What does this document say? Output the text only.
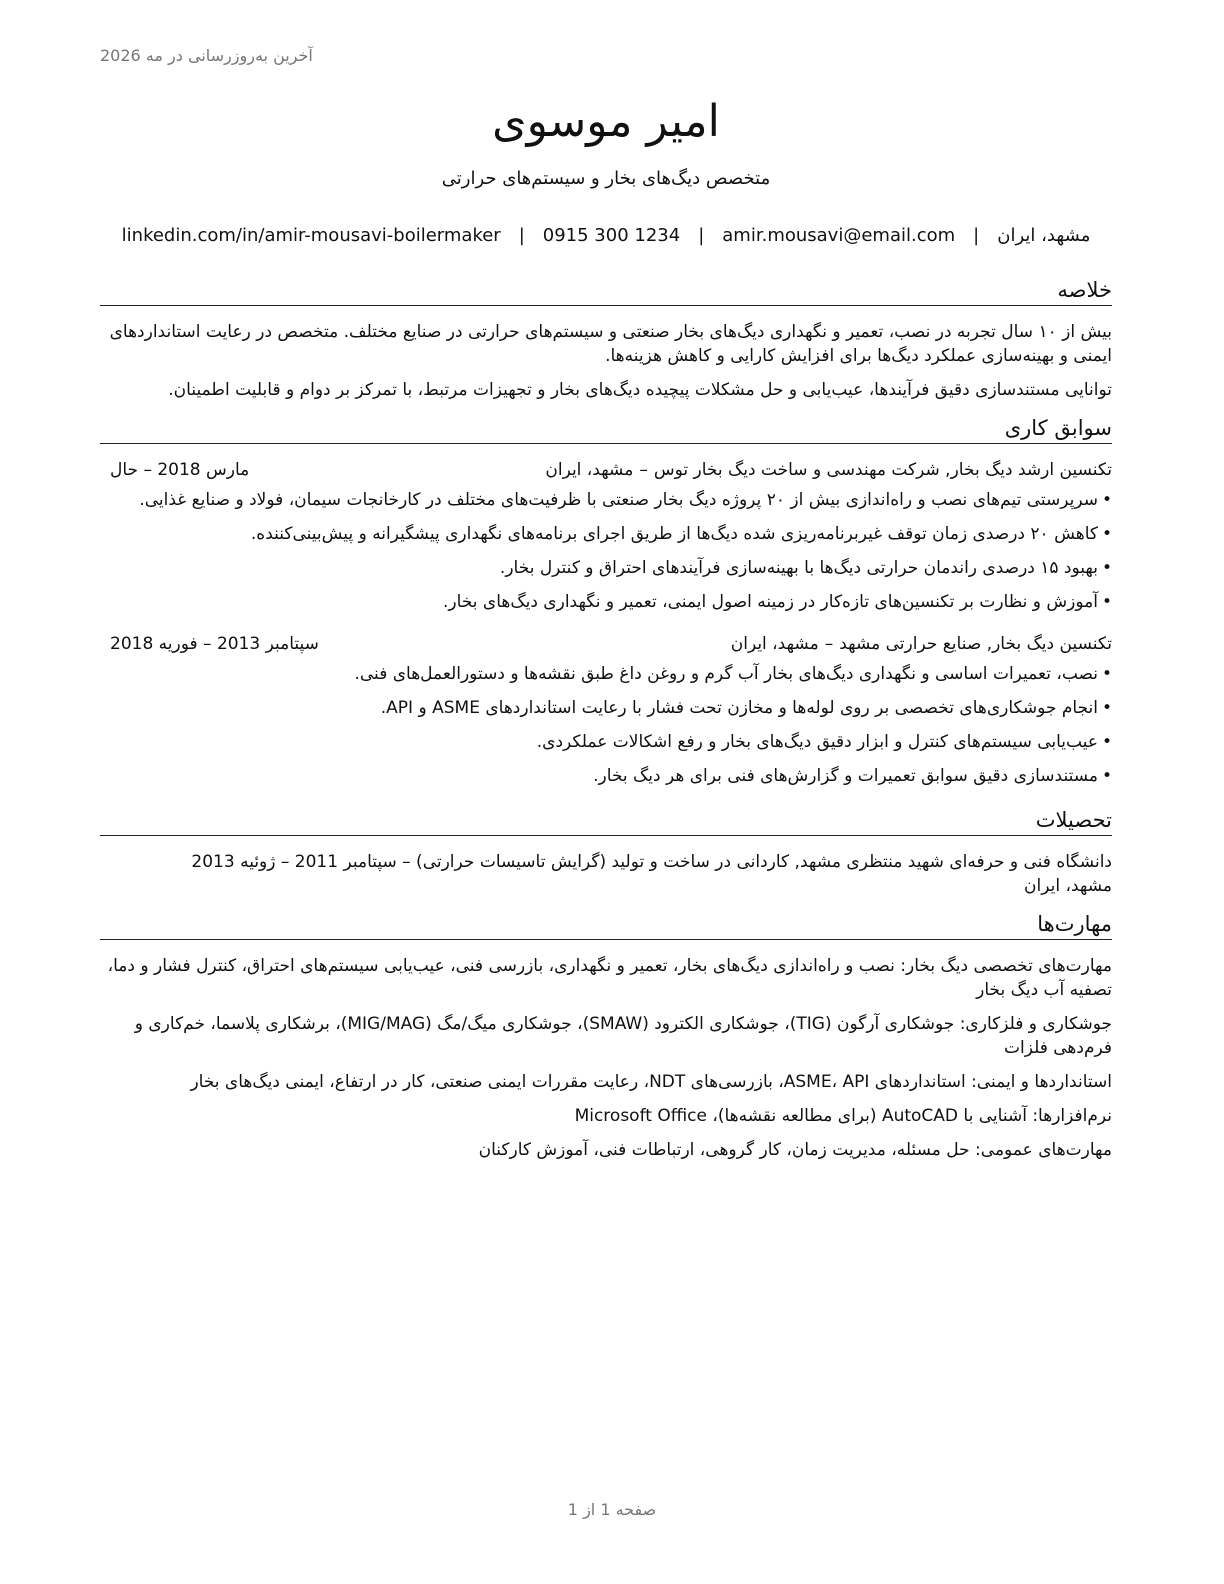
آخرین به‌روزرسانی در مه 2026
امیر موسوی
متخصص دیگ‌های بخار و سیستم‌های حرارتی
مشهد، ایران
|
amir.mousavi@email.com
|
0915 300 1234
|
linkedin.com/in/amir-mousavi-boilermaker
خلاصه
بیش از ۱۰ سال تجربه در نصب، تعمیر و نگهداری دیگ‌های بخار صنعتی و سیستم‌های حرارتی در صنایع مختلف. متخصص در رعایت استانداردهای ایمنی و بهینه‌سازی عملکرد دیگ‌ها برای افزایش کارایی و کاهش هزینه‌ها.
توانایی مستندسازی دقیق فرآیندها، عیب‌یابی و حل مشکلات پیچیده دیگ‌های بخار و تجهیزات مرتبط، با تمرکز بر دوام و قابلیت اطمینان.
سوابق کاری
تکنسین ارشد دیگ بخار, شرکت مهندسی و ساخت دیگ بخار توس
–
مشهد، ایران
مارس 2018 – حال
• سرپرستی تیم‌های نصب و راه‌اندازی بیش از ۲۰ پروژه دیگ بخار صنعتی با ظرفیت‌های مختلف در کارخانجات سیمان، فولاد و صنایع غذایی.
• کاهش ۲۰ درصدی زمان توقف غیربرنامه‌ریزی شده دیگ‌ها از طریق اجرای برنامه‌های نگهداری پیشگیرانه و پیش‌بینی‌کننده.
• بهبود ۱۵ درصدی راندمان حرارتی دیگ‌ها با بهینه‌سازی فرآیندهای احتراق و کنترل بخار.
• آموزش و نظارت بر تکنسین‌های تازه‌کار در زمینه اصول ایمنی، تعمیر و نگهداری دیگ‌های بخار.
تکنسین دیگ بخار, صنایع حرارتی مشهد
–
مشهد، ایران
سپتامبر 2013 – فوریه 2018
• نصب، تعمیرات اساسی و نگهداری دیگ‌های بخار آب گرم و روغن داغ طبق نقشه‌ها و دستورالعمل‌های فنی.
• انجام جوشکاری‌های تخصصی بر روی لوله‌ها و مخازن تحت فشار با رعایت استانداردهای ASME و API.
• عیب‌یابی سیستم‌های کنترل و ابزار دقیق دیگ‌های بخار و رفع اشکالات عملکردی.
• مستندسازی دقیق سوابق تعمیرات و گزارش‌های فنی برای هر دیگ بخار.
تحصیلات
دانشگاه فنی و حرفه‌ای شهید منتظری مشهد, کاردانی در ساخت و تولید (گرایش تاسیسات حرارتی) – سپتامبر 2011 – ژوئیه 2013
مشهد، ایران
مهارت‌ها
مهارت‌های تخصصی دیگ بخار: نصب و راه‌اندازی دیگ‌های بخار، تعمیر و نگهداری، بازرسی فنی، عیب‌یابی سیستم‌های احتراق، کنترل فشار و دما، تصفیه آب دیگ بخار
جوشکاری و فلزکاری: جوشکاری آرگون (TIG)، جوشکاری الکترود (SMAW)، جوشکاری میگ/مگ (MIG/MAG)، برشکاری پلاسما، خم‌کاری و فرم‌دهی فلزات
استانداردها و ایمنی: استانداردهای ASME، API، بازرسی‌های NDT، رعایت مقررات ایمنی صنعتی، کار در ارتفاع، ایمنی دیگ‌های بخار
نرم‌افزارها: آشنایی با AutoCAD (برای مطالعه نقشه‌ها)، Microsoft Office
مهارت‌های عمومی: حل مسئله، مدیریت زمان، کار گروهی، ارتباطات فنی، آموزش کارکنان
صفحه 1 از 1
